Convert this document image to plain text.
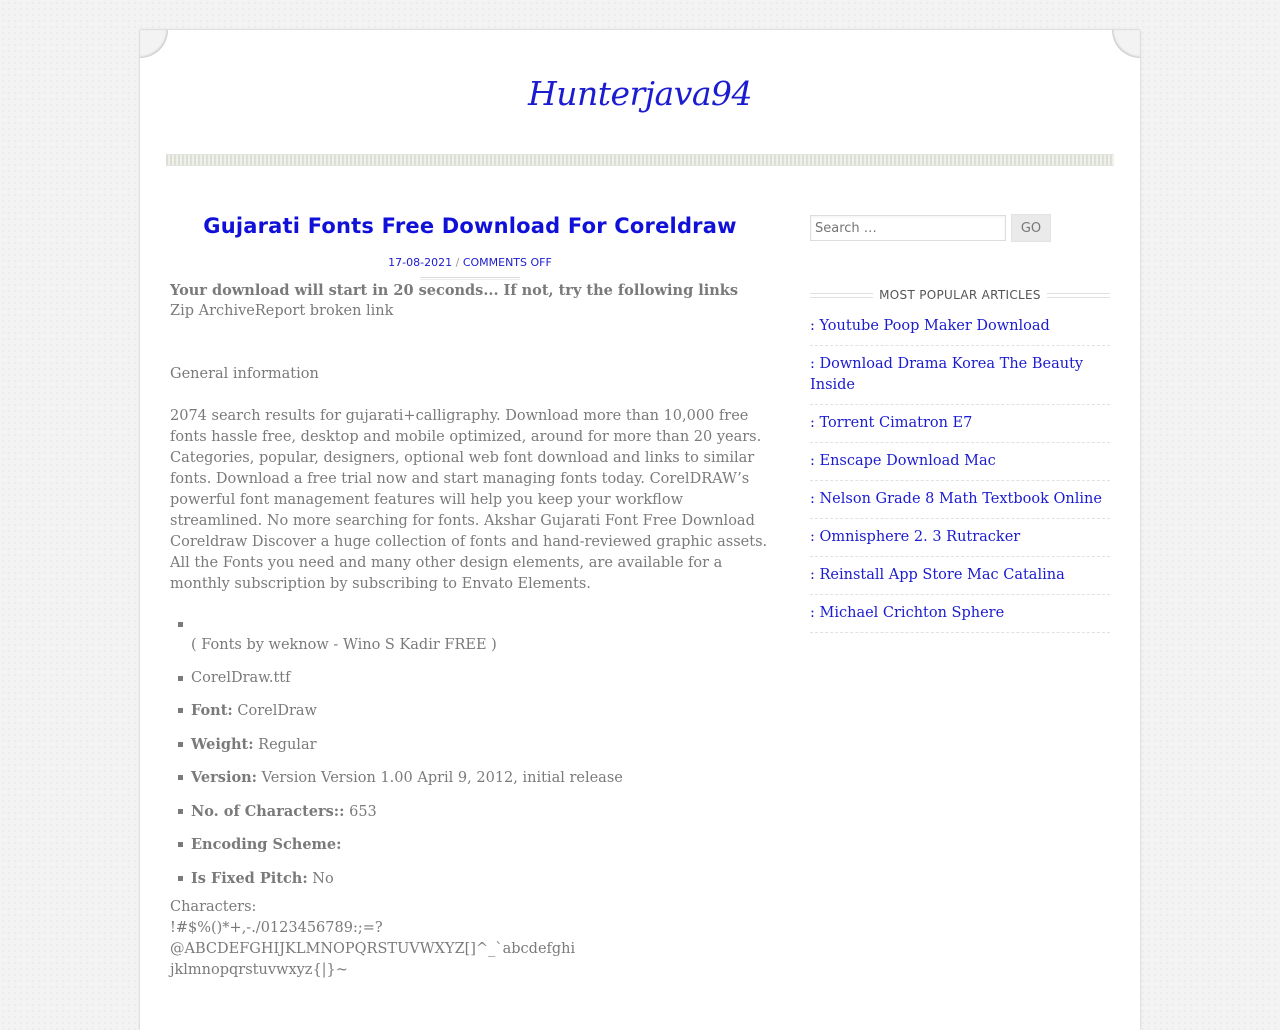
Hunterjava94
Gujarati Fonts Free Download For Coreldraw
17-08-2021 / COMMENTS OFF

Your download will start in 20 seconds... If not, try the following links

Zip ArchiveReport broken link

General information

2074 search results for gujarati+calligraphy. Download more than 10,000 free fonts hassle free, desktop and mobile optimized, around for more than 20 years. Categories, popular, designers, optional web font download and links to similar fonts. Download a free trial now and start managing fonts today. CorelDRAW’s powerful font management features will help you keep your workflow streamlined. No more searching for fonts. Akshar Gujarati Font Free Download Coreldraw Discover a huge collection of fonts and hand-reviewed graphic assets. All the Fonts you need and many other design elements, are available for a monthly subscription by subscribing to Envato Elements.

( Fonts by weknow - Wino S Kadir FREE )
CorelDraw.ttf
Font: CorelDraw
Weight: Regular
Version: Version Version 1.00 April 9, 2012, initial release
No. of Characters:: 653
Encoding Scheme:
Is Fixed Pitch: No

Characters:

!#$%()*+,-./0123456789:;=?@ABCDEFGHIJKLMNOPQRSTUVWXYZ[]^_`abcdefghi

jklmnopqrstuvwxyz{|}~

Search …
GO
MOST POPULAR ARTICLES
: Youtube Poop Maker Download
: Download Drama Korea The Beauty Inside
: Torrent Cimatron E7
: Enscape Download Mac
: Nelson Grade 8 Math Textbook Online
: Omnisphere 2. 3 Rutracker
: Reinstall App Store Mac Catalina
: Michael Crichton Sphere
